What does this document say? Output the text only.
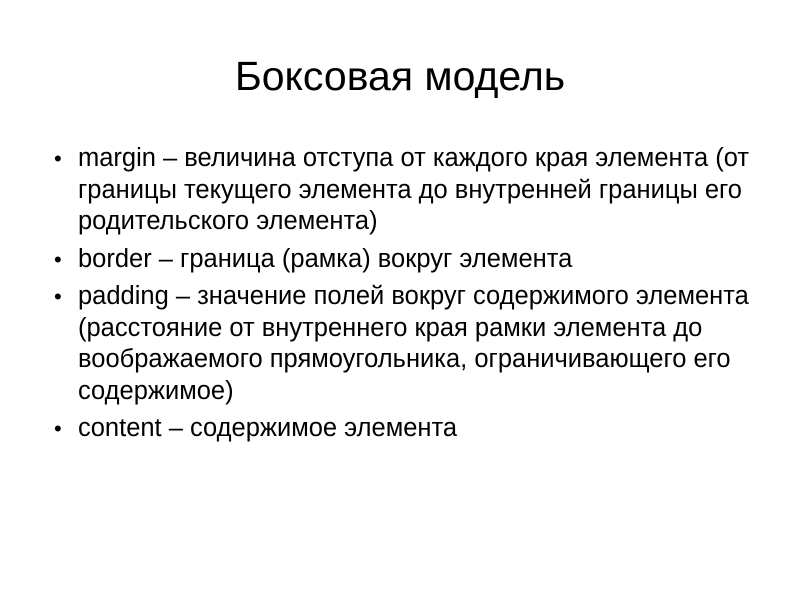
Боксовая модель
• margin – величина отступа от каждого края элемента (от границы текущего элемента до внутренней границы его родительского элемента)
• border – граница (рамка) вокруг элемента
• padding – значение полей вокруг содержимого элемента (расстояние от внутреннего края рамки элемента до воображаемого прямоугольника, ограничивающего его содержимое)
• content – содержимое элемента
